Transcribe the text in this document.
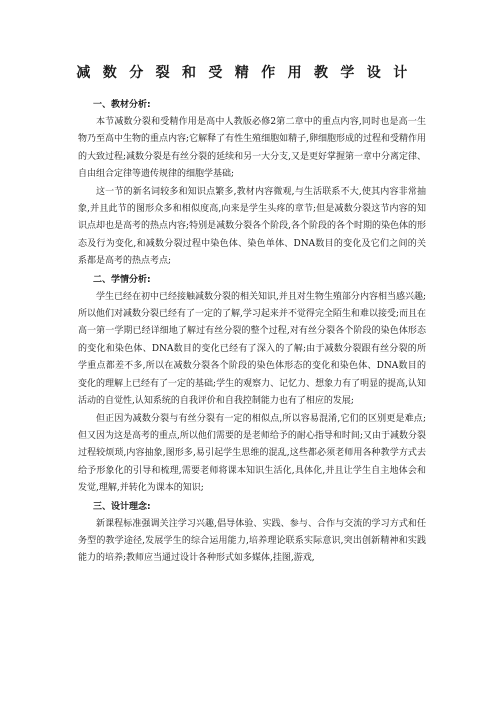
减数分裂和受精作用教学设计

一、教材分析:

本节减数分裂和受精作用是高中人教版必修2第二章中的重点内容,同时也是高一生物乃至高中生物的重点内容;它解释了有性生殖细胞如精子,卵细胞形成的过程和受精作用的大致过程;减数分裂是有丝分裂的延续和另一大分支,又是更好掌握第一章中分离定律、自由组合定律等遗传规律的细胞学基础;

这一节的新名词较多和知识点繁多,教材内容微观,与生活联系不大,使其内容非常抽象,并且此节的图形众多和相似度高,向来是学生头疼的章节;但是减数分裂这节内容的知识点却也是高考的热点内容;特别是减数分裂各个阶段,各个阶段的各个时期的染色体的形态及行为变化,和减数分裂过程中染色体、染色单体、DNA数目的变化及它们之间的关系都是高考的热点考点;

二、学情分析:

学生已经在初中已经接触减数分裂的相关知识,并且对生物生殖部分内容相当感兴趣;所以他们对减数分裂已经有了一定的了解,学习起来并不觉得完全陌生和难以接受;而且在高一第一学期已经详细地了解过有丝分裂的整个过程,对有丝分裂各个阶段的染色体形态的变化和染色体、DNA数目的变化已经有了深入的了解;由于减数分裂跟有丝分裂的所学重点都差不多,所以在减数分裂各个阶段的染色体形态的变化和染色体、DNA数目的变化的理解上已经有了一定的基础;学生的观察力、记忆力、想象力有了明显的提高,认知活动的自觉性,认知系统的自我评价和自我控制能力也有了相应的发展;

但正因为减数分裂与有丝分裂有一定的相似点,所以容易混淆,它们的区别更是难点;但又因为这是高考的重点,所以他们需要的是老师给予的耐心指导和时间;又由于减数分裂过程较烦琐,内容抽象,图形多,易引起学生思维的混乱,这些都必须老师用各种教学方式去给予形象化的引导和梳理,需要老师将课本知识生活化,具体化,并且让学生自主地体会和发觉,理解,并转化为课本的知识;

三、设计理念:

新课程标准强调关注学习兴趣,倡导体验、实践、参与、合作与交流的学习方式和任务型的教学途径,发展学生的综合运用能力,培养理论联系实际意识,突出创新精神和实践能力的培养;教师应当通过设计各种形式如多媒体,挂图,游戏,
